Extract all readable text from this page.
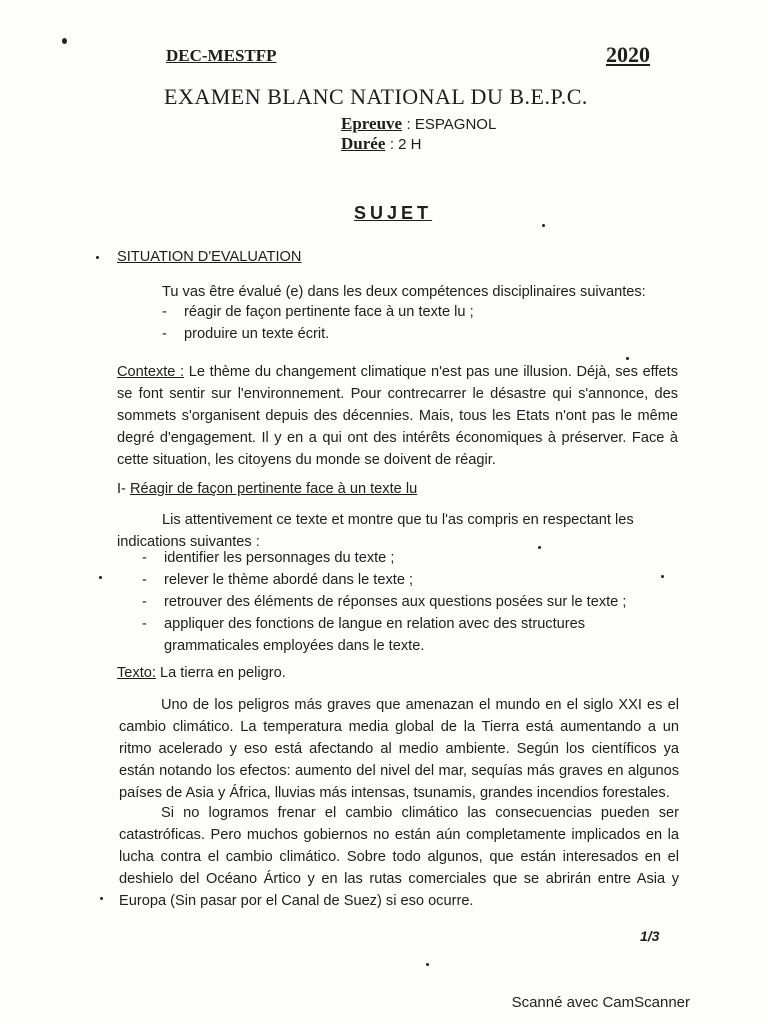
DEC-MESTFP	2020
EXAMEN BLANC NATIONAL DU B.E.P.C.
Epreuve : ESPAGNOL
Durée : 2 H
SUJET
SITUATION D'EVALUATION
Tu vas être évalué (e) dans les deux compétences disciplinaires suivantes:
- réagir de façon pertinente face à un texte lu ;
- produire un texte écrit.
Contexte : Le thème du changement climatique n'est pas une illusion. Déjà, ses effets se font sentir sur l'environnement. Pour contrecarrer le désastre qui s'annonce, des sommets s'organisent depuis des décennies. Mais, tous les Etats n'ont pas le même degré d'engagement. Il y en a qui ont des intérêts économiques à préserver. Face à cette situation, les citoyens du monde se doivent de réagir.
I- Réagir de façon pertinente face à un texte lu
Lis attentivement ce texte et montre que tu l'as compris en respectant les indications suivantes :
- identifier les personnages du texte ;
- relever le thème abordé dans le texte ;
- retrouver des éléments de réponses aux questions posées sur le texte ;
- appliquer des fonctions de langue en relation avec des structures grammaticales employées dans le texte.
Texto: La tierra en peligro.
Uno de los peligros más graves que amenazan el mundo en el siglo XXI es el cambio climático. La temperatura media global de la Tierra está aumentando a un ritmo acelerado y eso está afectando al medio ambiente. Según los científicos ya están notando los efectos: aumento del nivel del mar, sequías más graves en algunos países de Asia y África, lluvias más intensas, tsunamis, grandes incendios forestales.
Si no logramos frenar el cambio climático las consecuencias pueden ser catastróficas. Pero muchos gobiernos no están aún completamente implicados en la lucha contra el cambio climático. Sobre todo algunos, que están interesados en el deshielo del Océano Ártico y en las rutas comerciales que se abrirán entre Asia y Europa (Sin pasar por el Canal de Suez) si eso ocurre.
1/3
Scanné avec CamScanner
